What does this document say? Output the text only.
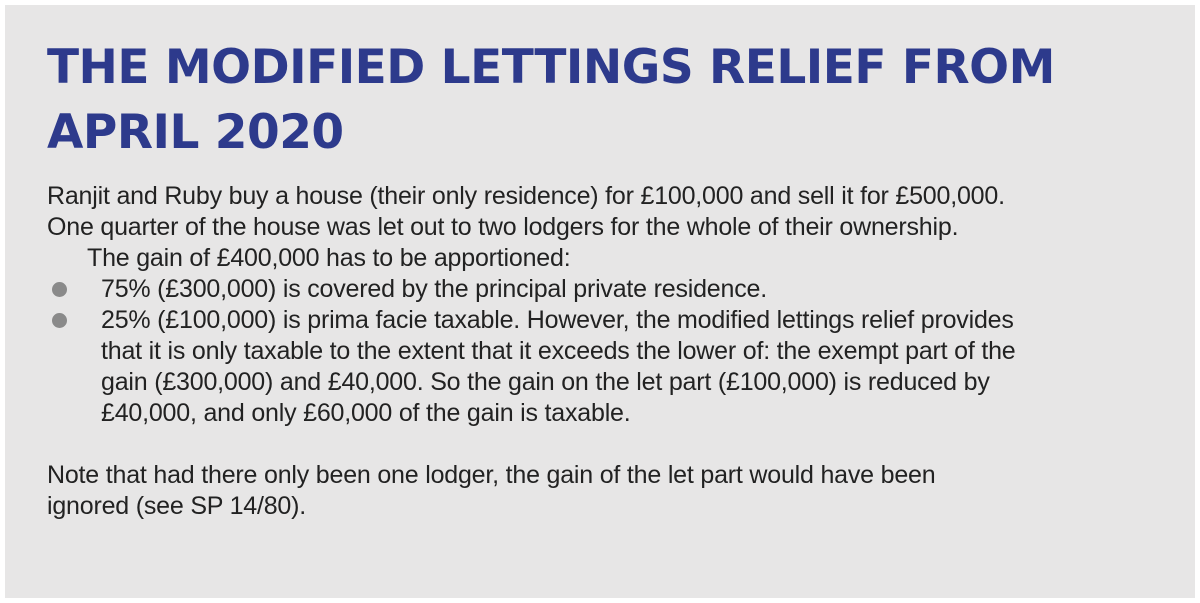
THE MODIFIED LETTINGS RELIEF FROM
APRIL 2020

Ranjit and Ruby buy a house (their only residence) for £100,000 and sell it for £500,000.
One quarter of the house was let out to two lodgers for the whole of their ownership.

The gain of £400,000 has to be apportioned:

75% (£300,000) is covered by the principal private residence.
25% (£100,000) is prima facie taxable. However, the modified lettings relief provides
that it is only taxable to the extent that it exceeds the lower of: the exempt part of the
gain (£300,000) and £40,000. So the gain on the let part (£100,000) is reduced by
£40,000, and only £60,000 of the gain is taxable.

Note that had there only been one lodger, the gain of the let part would have been
ignored (see SP 14/80).
